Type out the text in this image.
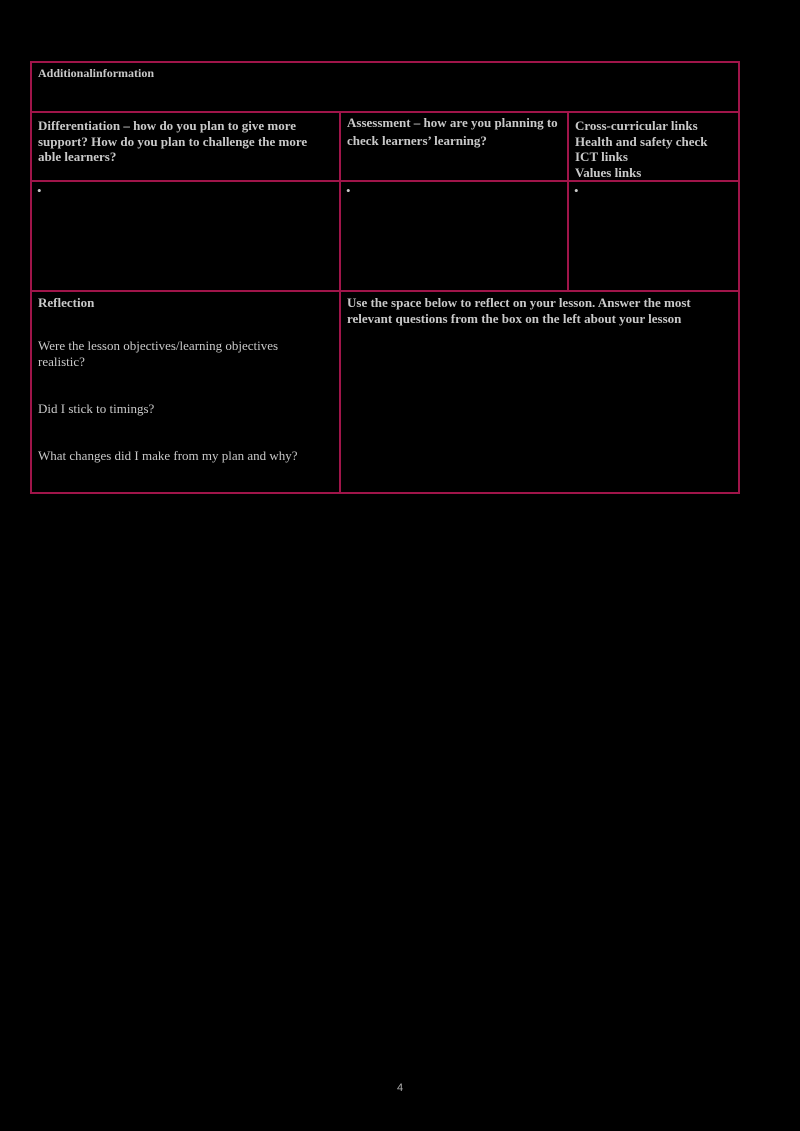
Additionalinformation
Differentiation – how do you plan to give more support? How do you plan to challenge the more able learners?
Assessment – how are you planning to check learners’ learning?
Cross-curricular links
Health and safety check
ICT links
Values links
•	•	•
Reflection
Were the lesson objectives/learning objectives realistic?
Did I stick to timings?
What changes did I make from my plan and why?
Use the space below to reflect on your lesson. Answer the most relevant questions from the box on the left about your lesson
4
